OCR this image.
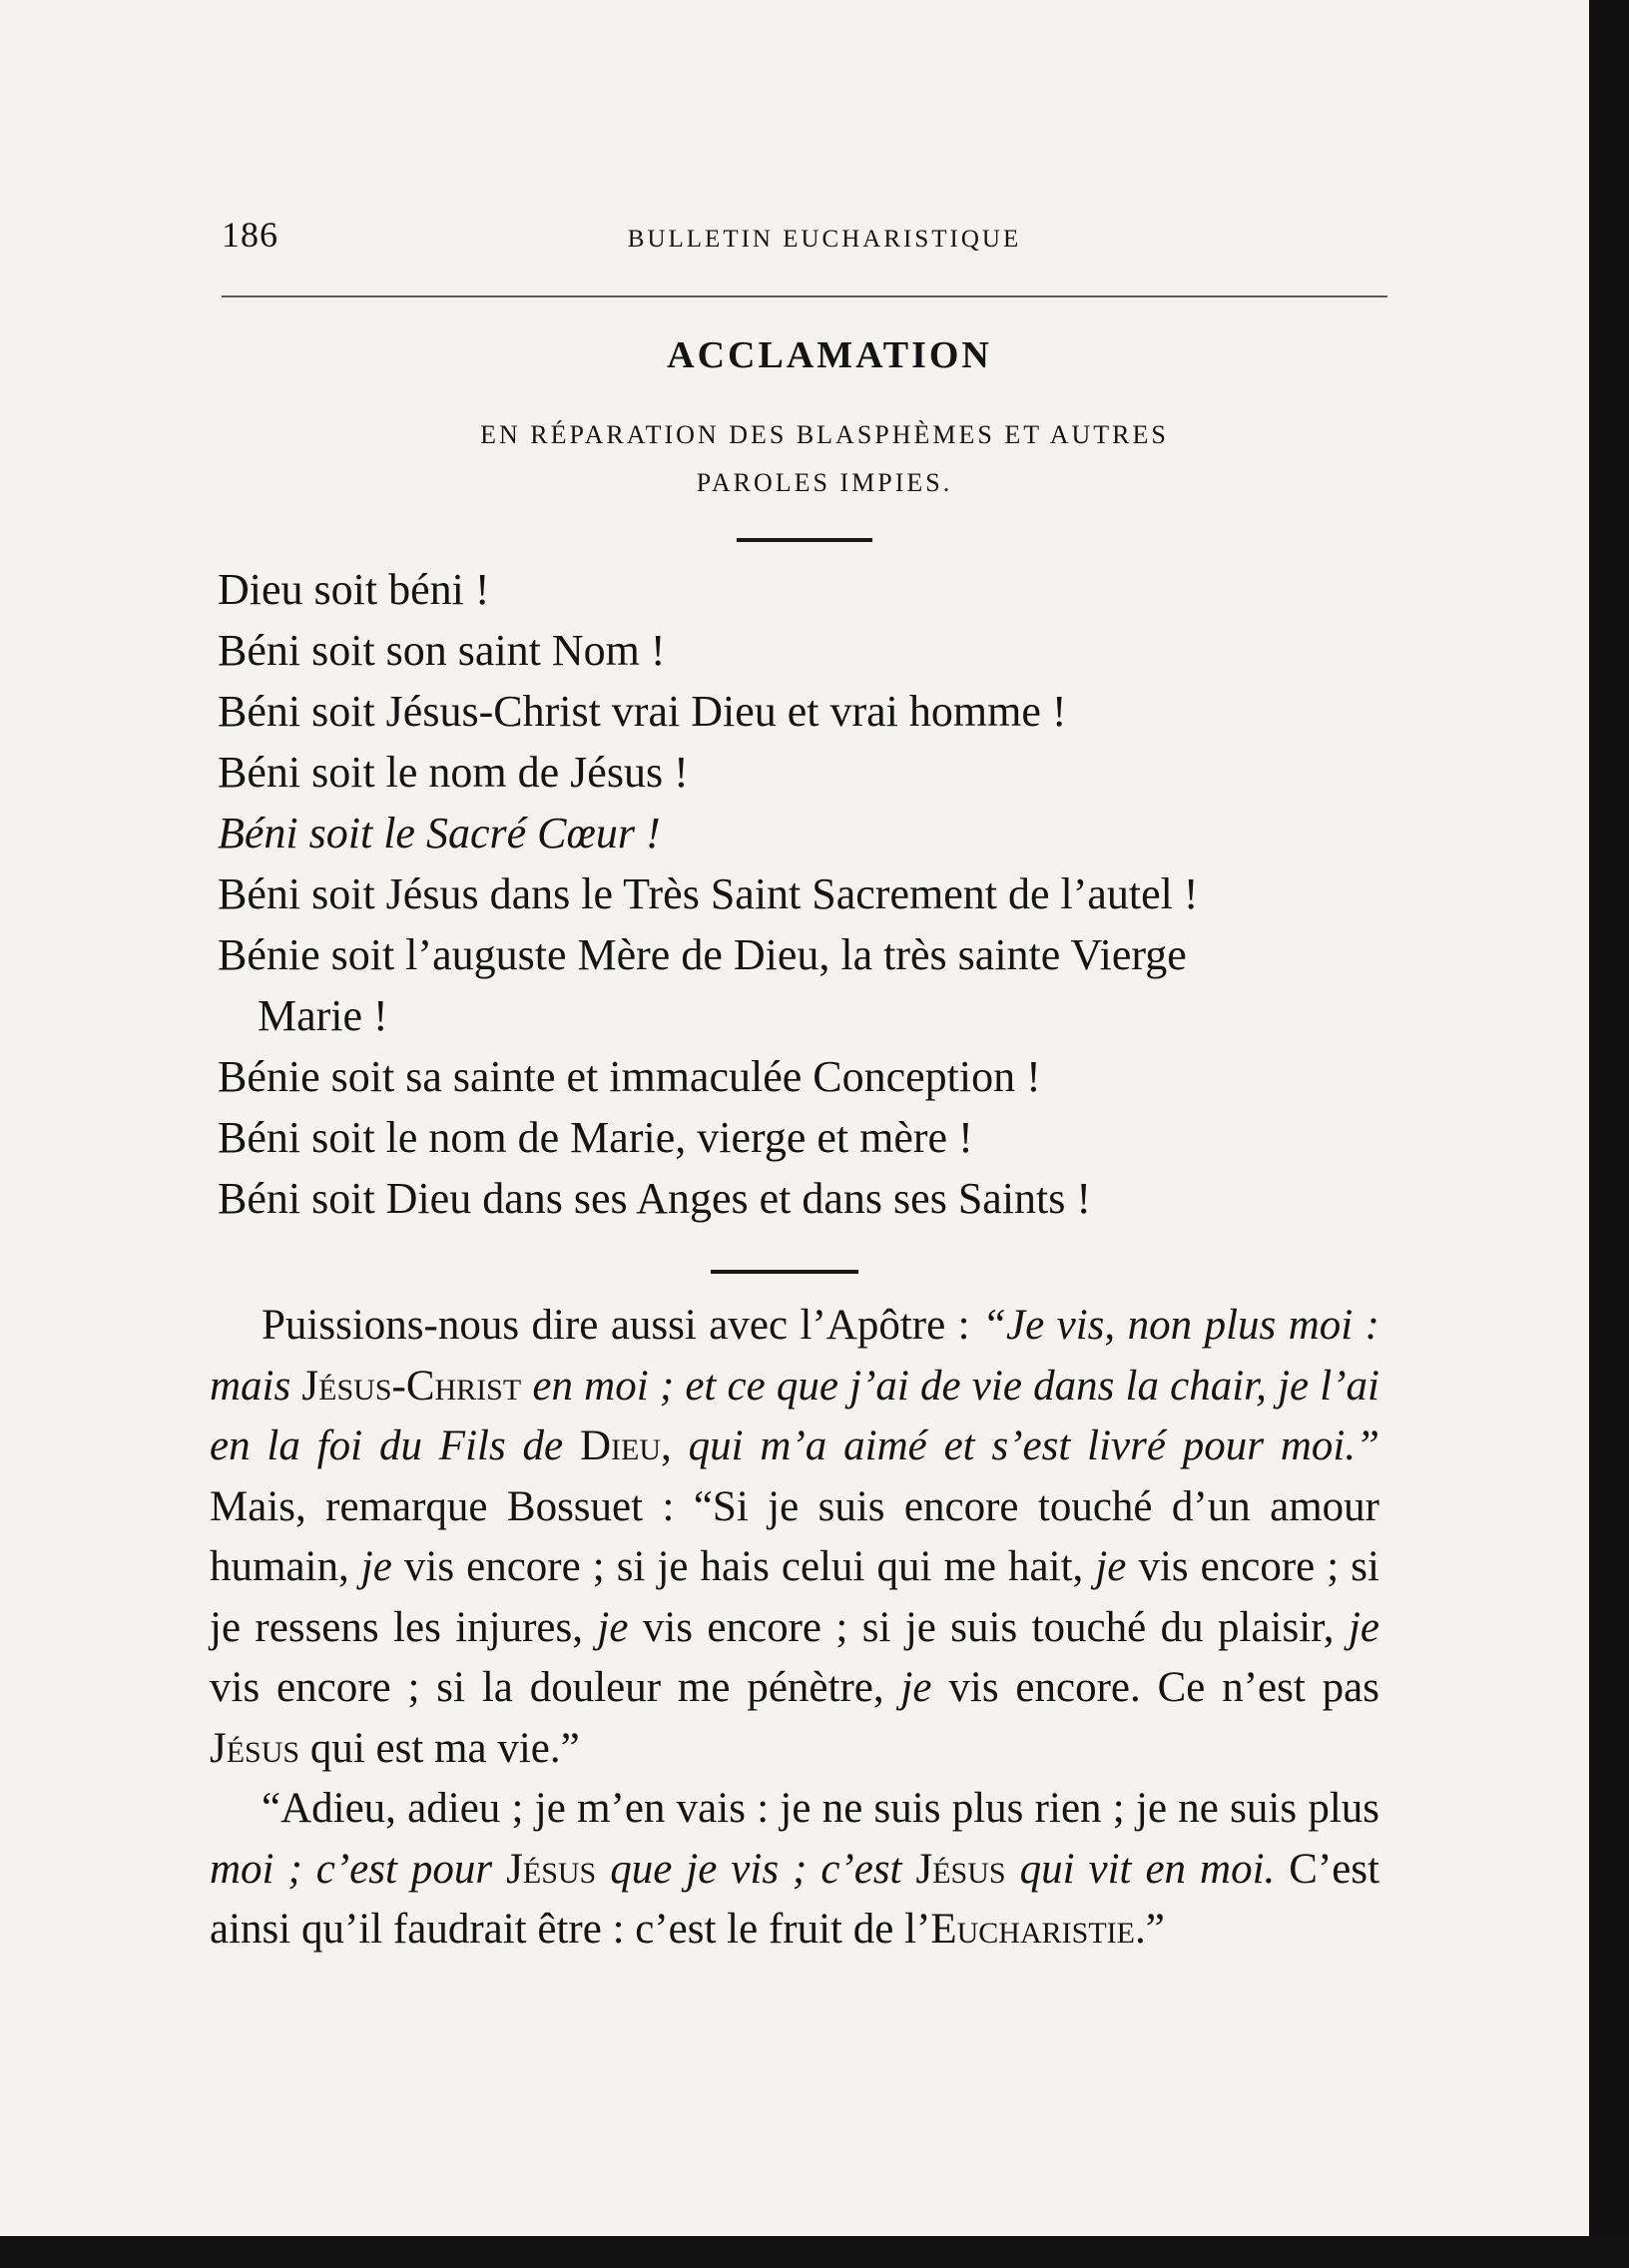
186	BULLETIN EUCHARISTIQUE
ACCLAMATION
EN RÉPARATION DES BLASPHÈMES ET AUTRES
PAROLES IMPIES.
Dieu soit béni !
Béni soit son saint Nom !
Béni soit Jésus-Christ vrai Dieu et vrai homme !
Béni soit le nom de Jésus !
Béni soit le Sacré Cœur !
Béni soit Jésus dans le Très Saint Sacrement de l’autel !
Bénie soit l’auguste Mère de Dieu, la très sainte Vierge
Marie !
Bénie soit sa sainte et immaculée Conception !
Béni soit le nom de Marie, vierge et mère !
Béni soit Dieu dans ses Anges et dans ses Saints !

Puissions-nous dire aussi avec l’Apôtre : “Je vis, non plus moi : mais Jésus-Christ en moi ; et ce que j’ai de vie dans la chair, je l’ai en la foi du Fils de Dieu, qui m’a aimé et s’est livré pour moi.” Mais, remarque Bossuet : “Si je suis encore touché d’un amour humain, je vis encore ; si je hais celui qui me hait, je vis encore ; si je ressens les injures, je vis encore ; si je suis touché du plaisir, je vis encore ; si la douleur me pénètre, je vis encore. Ce n’est pas Jésus qui est ma vie.”

“Adieu, adieu ; je m’en vais : je ne suis plus rien ; je ne suis plus moi ; c’est pour Jésus que je vis ; c’est Jésus qui vit en moi. C’est ainsi qu’il faudrait être : c’est le fruit de l’Eucharistie.”
